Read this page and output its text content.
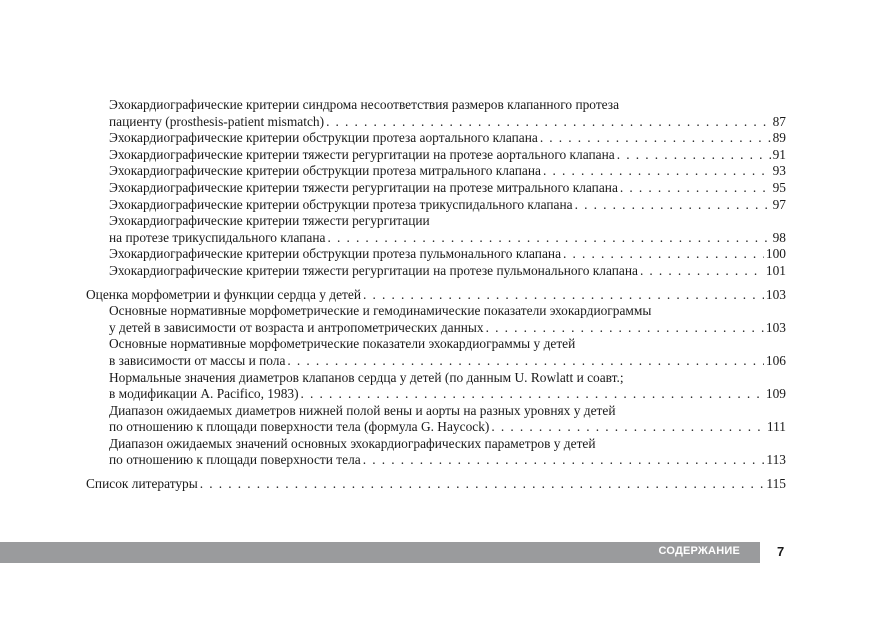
Эхокардиографические критерии синдрома несоответствия размеров клапанного протеза
пациенту (prosthesis-patient mismatch) . . .	87
Эхокардиографические критерии обструкции протеза аортального клапана . . .	89
Эхокардиографические критерии тяжести регургитации на протезе аортального клапана . . .	91
Эхокардиографические критерии обструкции протеза митрального клапана . . .	93
Эхокардиографические критерии тяжести регургитации на протезе митрального клапана . . .	95
Эхокардиографические критерии обструкции протеза трикуспидального клапана . . .	97
Эхокардиографические критерии тяжести регургитации
на протезе трикуспидального клапана . . .	98
Эхокардиографические критерии обструкции протеза пульмонального клапана . . .	100
Эхокардиографические критерии тяжести регургитации на протезе пульмонального клапана . . .	101
Оценка морфометрии и функции сердца у детей . . .	103
Основные нормативные морфометрические и гемодинамические показатели эхокардиограммы
у детей в зависимости от возраста и антропометрических данных . . .	103
Основные нормативные морфометрические показатели эхокардиограммы у детей
в зависимости от массы и пола . . .	106
Нормальные значения диаметров клапанов сердца у детей (по данным U. Rowlatt и соавт.;
в модификации A. Pacifico, 1983) . . .	109
Диапазон ожидаемых диаметров нижней полой вены и аорты на разных уровнях у детей
по отношению к площади поверхности тела (формула G. Haycock) . . .	111
Диапазон ожидаемых значений основных эхокардиографических параметров у детей
по отношению к площади поверхности тела . . .	113
Список литературы . . .	115
СОДЕРЖАНИЕ	7
